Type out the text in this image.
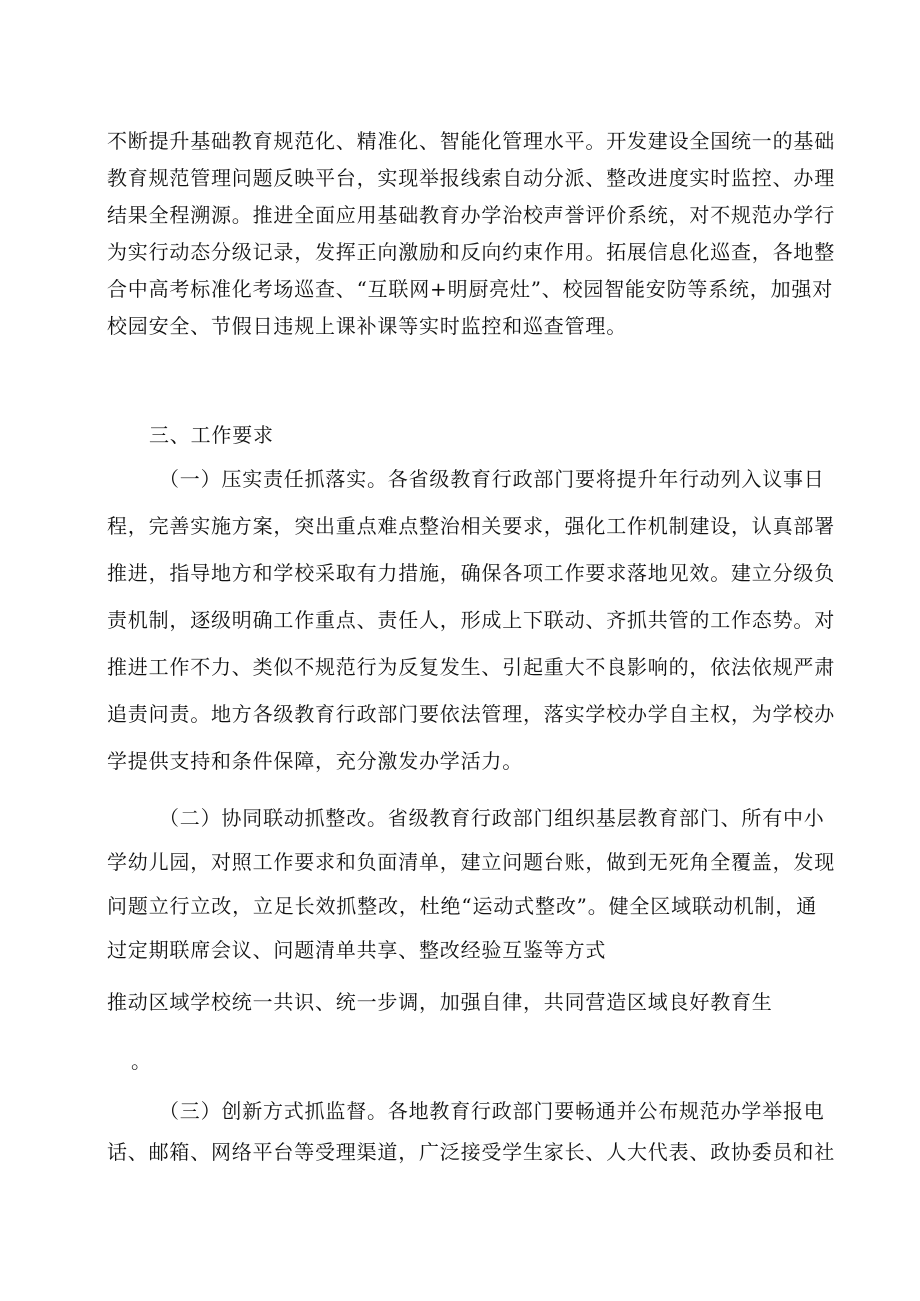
不断提升基础教育规范化、精准化、智能化管理水平。开发建设全国统一的基础
教育规范管理问题反映平台，实现举报线索自动分派、整改进度实时监控、办理
结果全程溯源。推进全面应用基础教育办学治校声誉评价系统，对不规范办学行
为实行动态分级记录，发挥正向激励和反向约束作用。拓展信息化巡查，各地整
合中高考标准化考场巡查、“互联网+明厨亮灶”、校园智能安防等系统，加强对
校园安全、节假日违规上课补课等实时监控和巡查管理。
三、工作要求
（一）压实责任抓落实。各省级教育行政部门要将提升年行动列入议事日
程，完善实施方案，突出重点难点整治相关要求，强化工作机制建设，认真部署
推进，指导地方和学校采取有力措施，确保各项工作要求落地见效。建立分级负
责机制，逐级明确工作重点、责任人，形成上下联动、齐抓共管的工作态势。对
推进工作不力、类似不规范行为反复发生、引起重大不良影响的，依法依规严肃
追责问责。地方各级教育行政部门要依法管理，落实学校办学自主权，为学校办
学提供支持和条件保障，充分激发办学活力。
（二）协同联动抓整改。省级教育行政部门组织基层教育部门、所有中小
学幼儿园，对照工作要求和负面清单，建立问题台账，做到无死角全覆盖，发现
问题立行立改，立足长效抓整改，杜绝“运动式整改”。健全区域联动机制，通
过定期联席会议、问题清单共享、整改经验互鉴等方式
推动区域学校统一共识、统一步调，加强自律，共同营造区域良好教育生
。
（三）创新方式抓监督。各地教育行政部门要畅通并公布规范办学举报电
话、邮箱、网络平台等受理渠道，广泛接受学生家长、人大代表、政协委员和社
